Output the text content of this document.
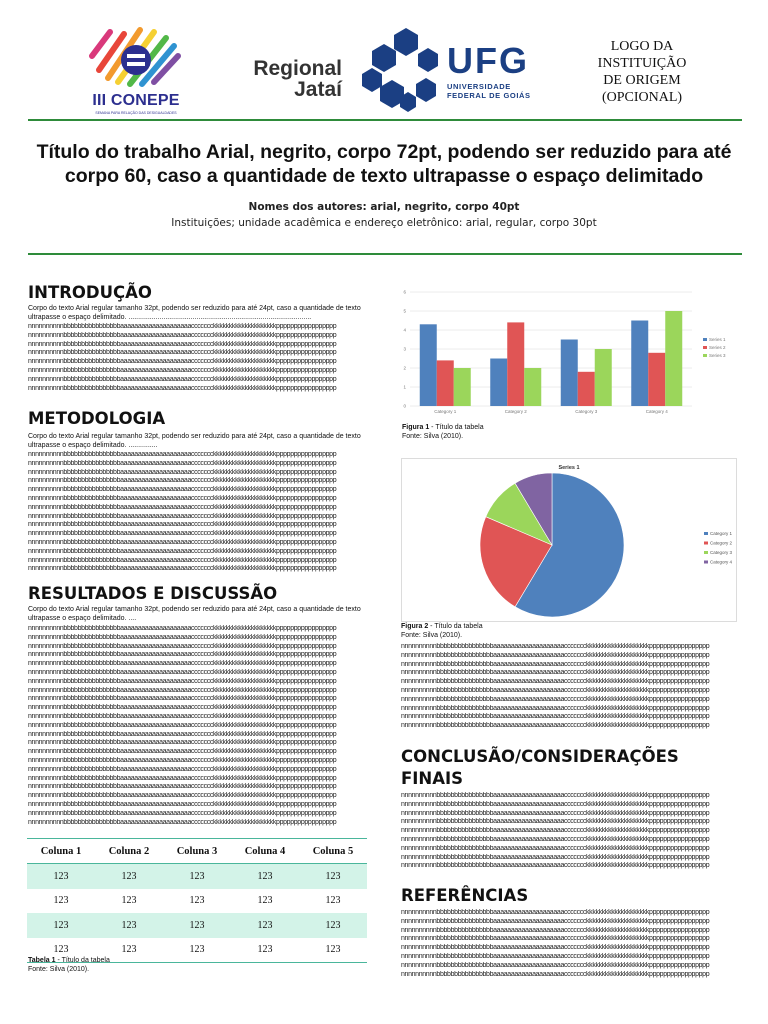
III CONEPE
SEMANA PARA RELAÇÃO DAS DESIGUALDADES
Regional
Jataí
UFG
UNIVERSIDADE
FEDERAL DE GOIÁS
LOGO DA
INSTITUIÇÃO
DE ORIGEM
(OPCIONAL)
Título do trabalho Arial, negrito, corpo 72pt, podendo ser reduzido para até
corpo 60, caso a quantidade de texto ultrapasse o espaço delimitado
Nomes dos autores: arial, negrito, corpo 40pt
Instituições; unidade acadêmica e endereço eletrônico: arial, regular, corpo 30pt
INTRODUÇÃO
Corpo do texto Arial regular tamanho 32pt, podendo ser reduzido para até 24pt, caso a quantidade de texto ultrapasse o espaço delimitado. ..............................................................................................
nnnnnnnnnnbbbbbbbbbbbbbbbbaaaaaaaaaaaaaaaaaaaaccccccckkkkkkkkkkkkkkkkkkkkppppppppppppppppp
nnnnnnnnnnbbbbbbbbbbbbbbbbaaaaaaaaaaaaaaaaaaaaccccccckkkkkkkkkkkkkkkkkkkkppppppppppppppppp
nnnnnnnnnnbbbbbbbbbbbbbbbbaaaaaaaaaaaaaaaaaaaaccccccckkkkkkkkkkkkkkkkkkkkppppppppppppppppp
nnnnnnnnnnbbbbbbbbbbbbbbbbaaaaaaaaaaaaaaaaaaaaccccccckkkkkkkkkkkkkkkkkkkkppppppppppppppppp
nnnnnnnnnnbbbbbbbbbbbbbbbbaaaaaaaaaaaaaaaaaaaaccccccckkkkkkkkkkkkkkkkkkkkppppppppppppppppp
nnnnnnnnnnbbbbbbbbbbbbbbbbaaaaaaaaaaaaaaaaaaaaccccccckkkkkkkkkkkkkkkkkkkkppppppppppppppppp
nnnnnnnnnnbbbbbbbbbbbbbbbbaaaaaaaaaaaaaaaaaaaaccccccckkkkkkkkkkkkkkkkkkkkppppppppppppppppp
nnnnnnnnnnbbbbbbbbbbbbbbbbaaaaaaaaaaaaaaaaaaaaccccccckkkkkkkkkkkkkkkkkkkkppppppppppppppppp
METODOLOGIA
Corpo do texto Arial regular tamanho 32pt, podendo ser reduzido para até 24pt, caso a quantidade de texto ultrapasse o espaço delimitado. ...............
nnnnnnnnnnbbbbbbbbbbbbbbbbaaaaaaaaaaaaaaaaaaaaccccccckkkkkkkkkkkkkkkkkkkkppppppppppppppppp
nnnnnnnnnnbbbbbbbbbbbbbbbbaaaaaaaaaaaaaaaaaaaaccccccckkkkkkkkkkkkkkkkkkkkppppppppppppppppp
nnnnnnnnnnbbbbbbbbbbbbbbbbaaaaaaaaaaaaaaaaaaaaccccccckkkkkkkkkkkkkkkkkkkkppppppppppppppppp
nnnnnnnnnnbbbbbbbbbbbbbbbbaaaaaaaaaaaaaaaaaaaaccccccckkkkkkkkkkkkkkkkkkkkppppppppppppppppp
nnnnnnnnnnbbbbbbbbbbbbbbbbaaaaaaaaaaaaaaaaaaaaccccccckkkkkkkkkkkkkkkkkkkkppppppppppppppppp
nnnnnnnnnnbbbbbbbbbbbbbbbbaaaaaaaaaaaaaaaaaaaaccccccckkkkkkkkkkkkkkkkkkkkppppppppppppppppp
nnnnnnnnnnbbbbbbbbbbbbbbbbaaaaaaaaaaaaaaaaaaaaccccccckkkkkkkkkkkkkkkkkkkkppppppppppppppppp
nnnnnnnnnnbbbbbbbbbbbbbbbbaaaaaaaaaaaaaaaaaaaaccccccckkkkkkkkkkkkkkkkkkkkppppppppppppppppp
nnnnnnnnnnbbbbbbbbbbbbbbbbaaaaaaaaaaaaaaaaaaaaccccccckkkkkkkkkkkkkkkkkkkkppppppppppppppppp
nnnnnnnnnnbbbbbbbbbbbbbbbbaaaaaaaaaaaaaaaaaaaaccccccckkkkkkkkkkkkkkkkkkkkppppppppppppppppp
nnnnnnnnnnbbbbbbbbbbbbbbbbaaaaaaaaaaaaaaaaaaaaccccccckkkkkkkkkkkkkkkkkkkkppppppppppppppppp
nnnnnnnnnnbbbbbbbbbbbbbbbbaaaaaaaaaaaaaaaaaaaaccccccckkkkkkkkkkkkkkkkkkkkppppppppppppppppp
nnnnnnnnnnbbbbbbbbbbbbbbbbaaaaaaaaaaaaaaaaaaaaccccccckkkkkkkkkkkkkkkkkkkkppppppppppppppppp
nnnnnnnnnnbbbbbbbbbbbbbbbbaaaaaaaaaaaaaaaaaaaaccccccckkkkkkkkkkkkkkkkkkkkppppppppppppppppp
RESULTADOS E DISCUSSÃO
Corpo do texto Arial regular tamanho 32pt, podendo ser reduzido para até 24pt, caso a quantidade de texto ultrapasse o espaço delimitado. ....
nnnnnnnnnnbbbbbbbbbbbbbbbbaaaaaaaaaaaaaaaaaaaaccccccckkkkkkkkkkkkkkkkkkkkppppppppppppppppp
nnnnnnnnnnbbbbbbbbbbbbbbbbaaaaaaaaaaaaaaaaaaaaccccccckkkkkkkkkkkkkkkkkkkkppppppppppppppppp
nnnnnnnnnnbbbbbbbbbbbbbbbbaaaaaaaaaaaaaaaaaaaaccccccckkkkkkkkkkkkkkkkkkkkppppppppppppppppp
nnnnnnnnnnbbbbbbbbbbbbbbbbaaaaaaaaaaaaaaaaaaaaccccccckkkkkkkkkkkkkkkkkkkkppppppppppppppppp
nnnnnnnnnnbbbbbbbbbbbbbbbbaaaaaaaaaaaaaaaaaaaaccccccckkkkkkkkkkkkkkkkkkkkppppppppppppppppp
nnnnnnnnnnbbbbbbbbbbbbbbbbaaaaaaaaaaaaaaaaaaaaccccccckkkkkkkkkkkkkkkkkkkkppppppppppppppppp
nnnnnnnnnnbbbbbbbbbbbbbbbbaaaaaaaaaaaaaaaaaaaaccccccckkkkkkkkkkkkkkkkkkkkppppppppppppppppp
nnnnnnnnnnbbbbbbbbbbbbbbbbaaaaaaaaaaaaaaaaaaaaccccccckkkkkkkkkkkkkkkkkkkkppppppppppppppppp
nnnnnnnnnnbbbbbbbbbbbbbbbbaaaaaaaaaaaaaaaaaaaaccccccckkkkkkkkkkkkkkkkkkkkppppppppppppppppp
nnnnnnnnnnbbbbbbbbbbbbbbbbaaaaaaaaaaaaaaaaaaaaccccccckkkkkkkkkkkkkkkkkkkkppppppppppppppppp
nnnnnnnnnnbbbbbbbbbbbbbbbbaaaaaaaaaaaaaaaaaaaaccccccckkkkkkkkkkkkkkkkkkkkppppppppppppppppp
nnnnnnnnnnbbbbbbbbbbbbbbbbaaaaaaaaaaaaaaaaaaaaccccccckkkkkkkkkkkkkkkkkkkkppppppppppppppppp
nnnnnnnnnnbbbbbbbbbbbbbbbbaaaaaaaaaaaaaaaaaaaaccccccckkkkkkkkkkkkkkkkkkkkppppppppppppppppp
nnnnnnnnnnbbbbbbbbbbbbbbbbaaaaaaaaaaaaaaaaaaaaccccccckkkkkkkkkkkkkkkkkkkkppppppppppppppppp
nnnnnnnnnnbbbbbbbbbbbbbbbbaaaaaaaaaaaaaaaaaaaaccccccckkkkkkkkkkkkkkkkkkkkppppppppppppppppp
nnnnnnnnnnbbbbbbbbbbbbbbbbaaaaaaaaaaaaaaaaaaaaccccccckkkkkkkkkkkkkkkkkkkkppppppppppppppppp
nnnnnnnnnnbbbbbbbbbbbbbbbbaaaaaaaaaaaaaaaaaaaaccccccckkkkkkkkkkkkkkkkkkkkppppppppppppppppp
nnnnnnnnnnbbbbbbbbbbbbbbbbaaaaaaaaaaaaaaaaaaaaccccccckkkkkkkkkkkkkkkkkkkkppppppppppppppppp
nnnnnnnnnnbbbbbbbbbbbbbbbbaaaaaaaaaaaaaaaaaaaaccccccckkkkkkkkkkkkkkkkkkkkppppppppppppppppp
nnnnnnnnnnbbbbbbbbbbbbbbbbaaaaaaaaaaaaaaaaaaaaccccccckkkkkkkkkkkkkkkkkkkkppppppppppppppppp
nnnnnnnnnnbbbbbbbbbbbbbbbbaaaaaaaaaaaaaaaaaaaaccccccckkkkkkkkkkkkkkkkkkkkppppppppppppppppp
nnnnnnnnnnbbbbbbbbbbbbbbbbaaaaaaaaaaaaaaaaaaaaccccccckkkkkkkkkkkkkkkkkkkkppppppppppppppppp
nnnnnnnnnnbbbbbbbbbbbbbbbbaaaaaaaaaaaaaaaaaaaaccccccckkkkkkkkkkkkkkkkkkkkppppppppppppppppp
Coluna 1	Coluna 2	Coluna 3	Coluna 4	Coluna 5
123	123	123	123	123
123	123	123	123	123
123	123	123	123	123
123	123	123	123	123
Tabela 1 - Título da tabela
Fonte: Silva (2010).
0
1
2
3
4
5
6
Category 1	Category 2	Category 3	Category 4
Series 1
Series 2
Series 3
Figura 1 - Título da tabela
Fonte: Silva (2010).
Series 1
Category 1
Category 2
Category 3
Category 4
Figura 2 - Título da tabela
Fonte: Silva (2010).
nnnnnnnnnnbbbbbbbbbbbbbbbbaaaaaaaaaaaaaaaaaaaaccccccckkkkkkkkkkkkkkkkkkkkppppppppppppppppp
nnnnnnnnnnbbbbbbbbbbbbbbbbaaaaaaaaaaaaaaaaaaaaccccccckkkkkkkkkkkkkkkkkkkkppppppppppppppppp
nnnnnnnnnnbbbbbbbbbbbbbbbbaaaaaaaaaaaaaaaaaaaaccccccckkkkkkkkkkkkkkkkkkkkppppppppppppppppp
nnnnnnnnnnbbbbbbbbbbbbbbbbaaaaaaaaaaaaaaaaaaaaccccccckkkkkkkkkkkkkkkkkkkkppppppppppppppppp
nnnnnnnnnnbbbbbbbbbbbbbbbbaaaaaaaaaaaaaaaaaaaaccccccckkkkkkkkkkkkkkkkkkkkppppppppppppppppp
nnnnnnnnnnbbbbbbbbbbbbbbbbaaaaaaaaaaaaaaaaaaaaccccccckkkkkkkkkkkkkkkkkkkkppppppppppppppppp
nnnnnnnnnnbbbbbbbbbbbbbbbbaaaaaaaaaaaaaaaaaaaaccccccckkkkkkkkkkkkkkkkkkkkppppppppppppppppp
nnnnnnnnnnbbbbbbbbbbbbbbbbaaaaaaaaaaaaaaaaaaaaccccccckkkkkkkkkkkkkkkkkkkkppppppppppppppppp
nnnnnnnnnnbbbbbbbbbbbbbbbbaaaaaaaaaaaaaaaaaaaaccccccckkkkkkkkkkkkkkkkkkkkppppppppppppppppp
nnnnnnnnnnbbbbbbbbbbbbbbbbaaaaaaaaaaaaaaaaaaaaccccccckkkkkkkkkkkkkkkkkkkkppppppppppppppppp
CONCLUSÃO/CONSIDERAÇÕES
FINAIS
nnnnnnnnnnbbbbbbbbbbbbbbbbaaaaaaaaaaaaaaaaaaaaccccccckkkkkkkkkkkkkkkkkkkkppppppppppppppppp
nnnnnnnnnnbbbbbbbbbbbbbbbbaaaaaaaaaaaaaaaaaaaaccccccckkkkkkkkkkkkkkkkkkkkppppppppppppppppp
nnnnnnnnnnbbbbbbbbbbbbbbbbaaaaaaaaaaaaaaaaaaaaccccccckkkkkkkkkkkkkkkkkkkkppppppppppppppppp
nnnnnnnnnnbbbbbbbbbbbbbbbbaaaaaaaaaaaaaaaaaaaaccccccckkkkkkkkkkkkkkkkkkkkppppppppppppppppp
nnnnnnnnnnbbbbbbbbbbbbbbbbaaaaaaaaaaaaaaaaaaaaccccccckkkkkkkkkkkkkkkkkkkkppppppppppppppppp
nnnnnnnnnnbbbbbbbbbbbbbbbbaaaaaaaaaaaaaaaaaaaaccccccckkkkkkkkkkkkkkkkkkkkppppppppppppppppp
nnnnnnnnnnbbbbbbbbbbbbbbbbaaaaaaaaaaaaaaaaaaaaccccccckkkkkkkkkkkkkkkkkkkkppppppppppppppppp
nnnnnnnnnnbbbbbbbbbbbbbbbbaaaaaaaaaaaaaaaaaaaaccccccckkkkkkkkkkkkkkkkkkkkppppppppppppppppp
nnnnnnnnnnbbbbbbbbbbbbbbbbaaaaaaaaaaaaaaaaaaaaccccccckkkkkkkkkkkkkkkkkkkkppppppppppppppppp
REFERÊNCIAS
nnnnnnnnnnbbbbbbbbbbbbbbbbaaaaaaaaaaaaaaaaaaaaccccccckkkkkkkkkkkkkkkkkkkkppppppppppppppppp
nnnnnnnnnnbbbbbbbbbbbbbbbbaaaaaaaaaaaaaaaaaaaaccccccckkkkkkkkkkkkkkkkkkkkppppppppppppppppp
nnnnnnnnnnbbbbbbbbbbbbbbbbaaaaaaaaaaaaaaaaaaaaccccccckkkkkkkkkkkkkkkkkkkkppppppppppppppppp
nnnnnnnnnnbbbbbbbbbbbbbbbbaaaaaaaaaaaaaaaaaaaaccccccckkkkkkkkkkkkkkkkkkkkppppppppppppppppp
nnnnnnnnnnbbbbbbbbbbbbbbbbaaaaaaaaaaaaaaaaaaaaccccccckkkkkkkkkkkkkkkkkkkkppppppppppppppppp
nnnnnnnnnnbbbbbbbbbbbbbbbbaaaaaaaaaaaaaaaaaaaaccccccckkkkkkkkkkkkkkkkkkkkppppppppppppppppp
nnnnnnnnnnbbbbbbbbbbbbbbbbaaaaaaaaaaaaaaaaaaaaccccccckkkkkkkkkkkkkkkkkkkkppppppppppppppppp
nnnnnnnnnnbbbbbbbbbbbbbbbbaaaaaaaaaaaaaaaaaaaaccccccckkkkkkkkkkkkkkkkkkkkppppppppppppppppp
